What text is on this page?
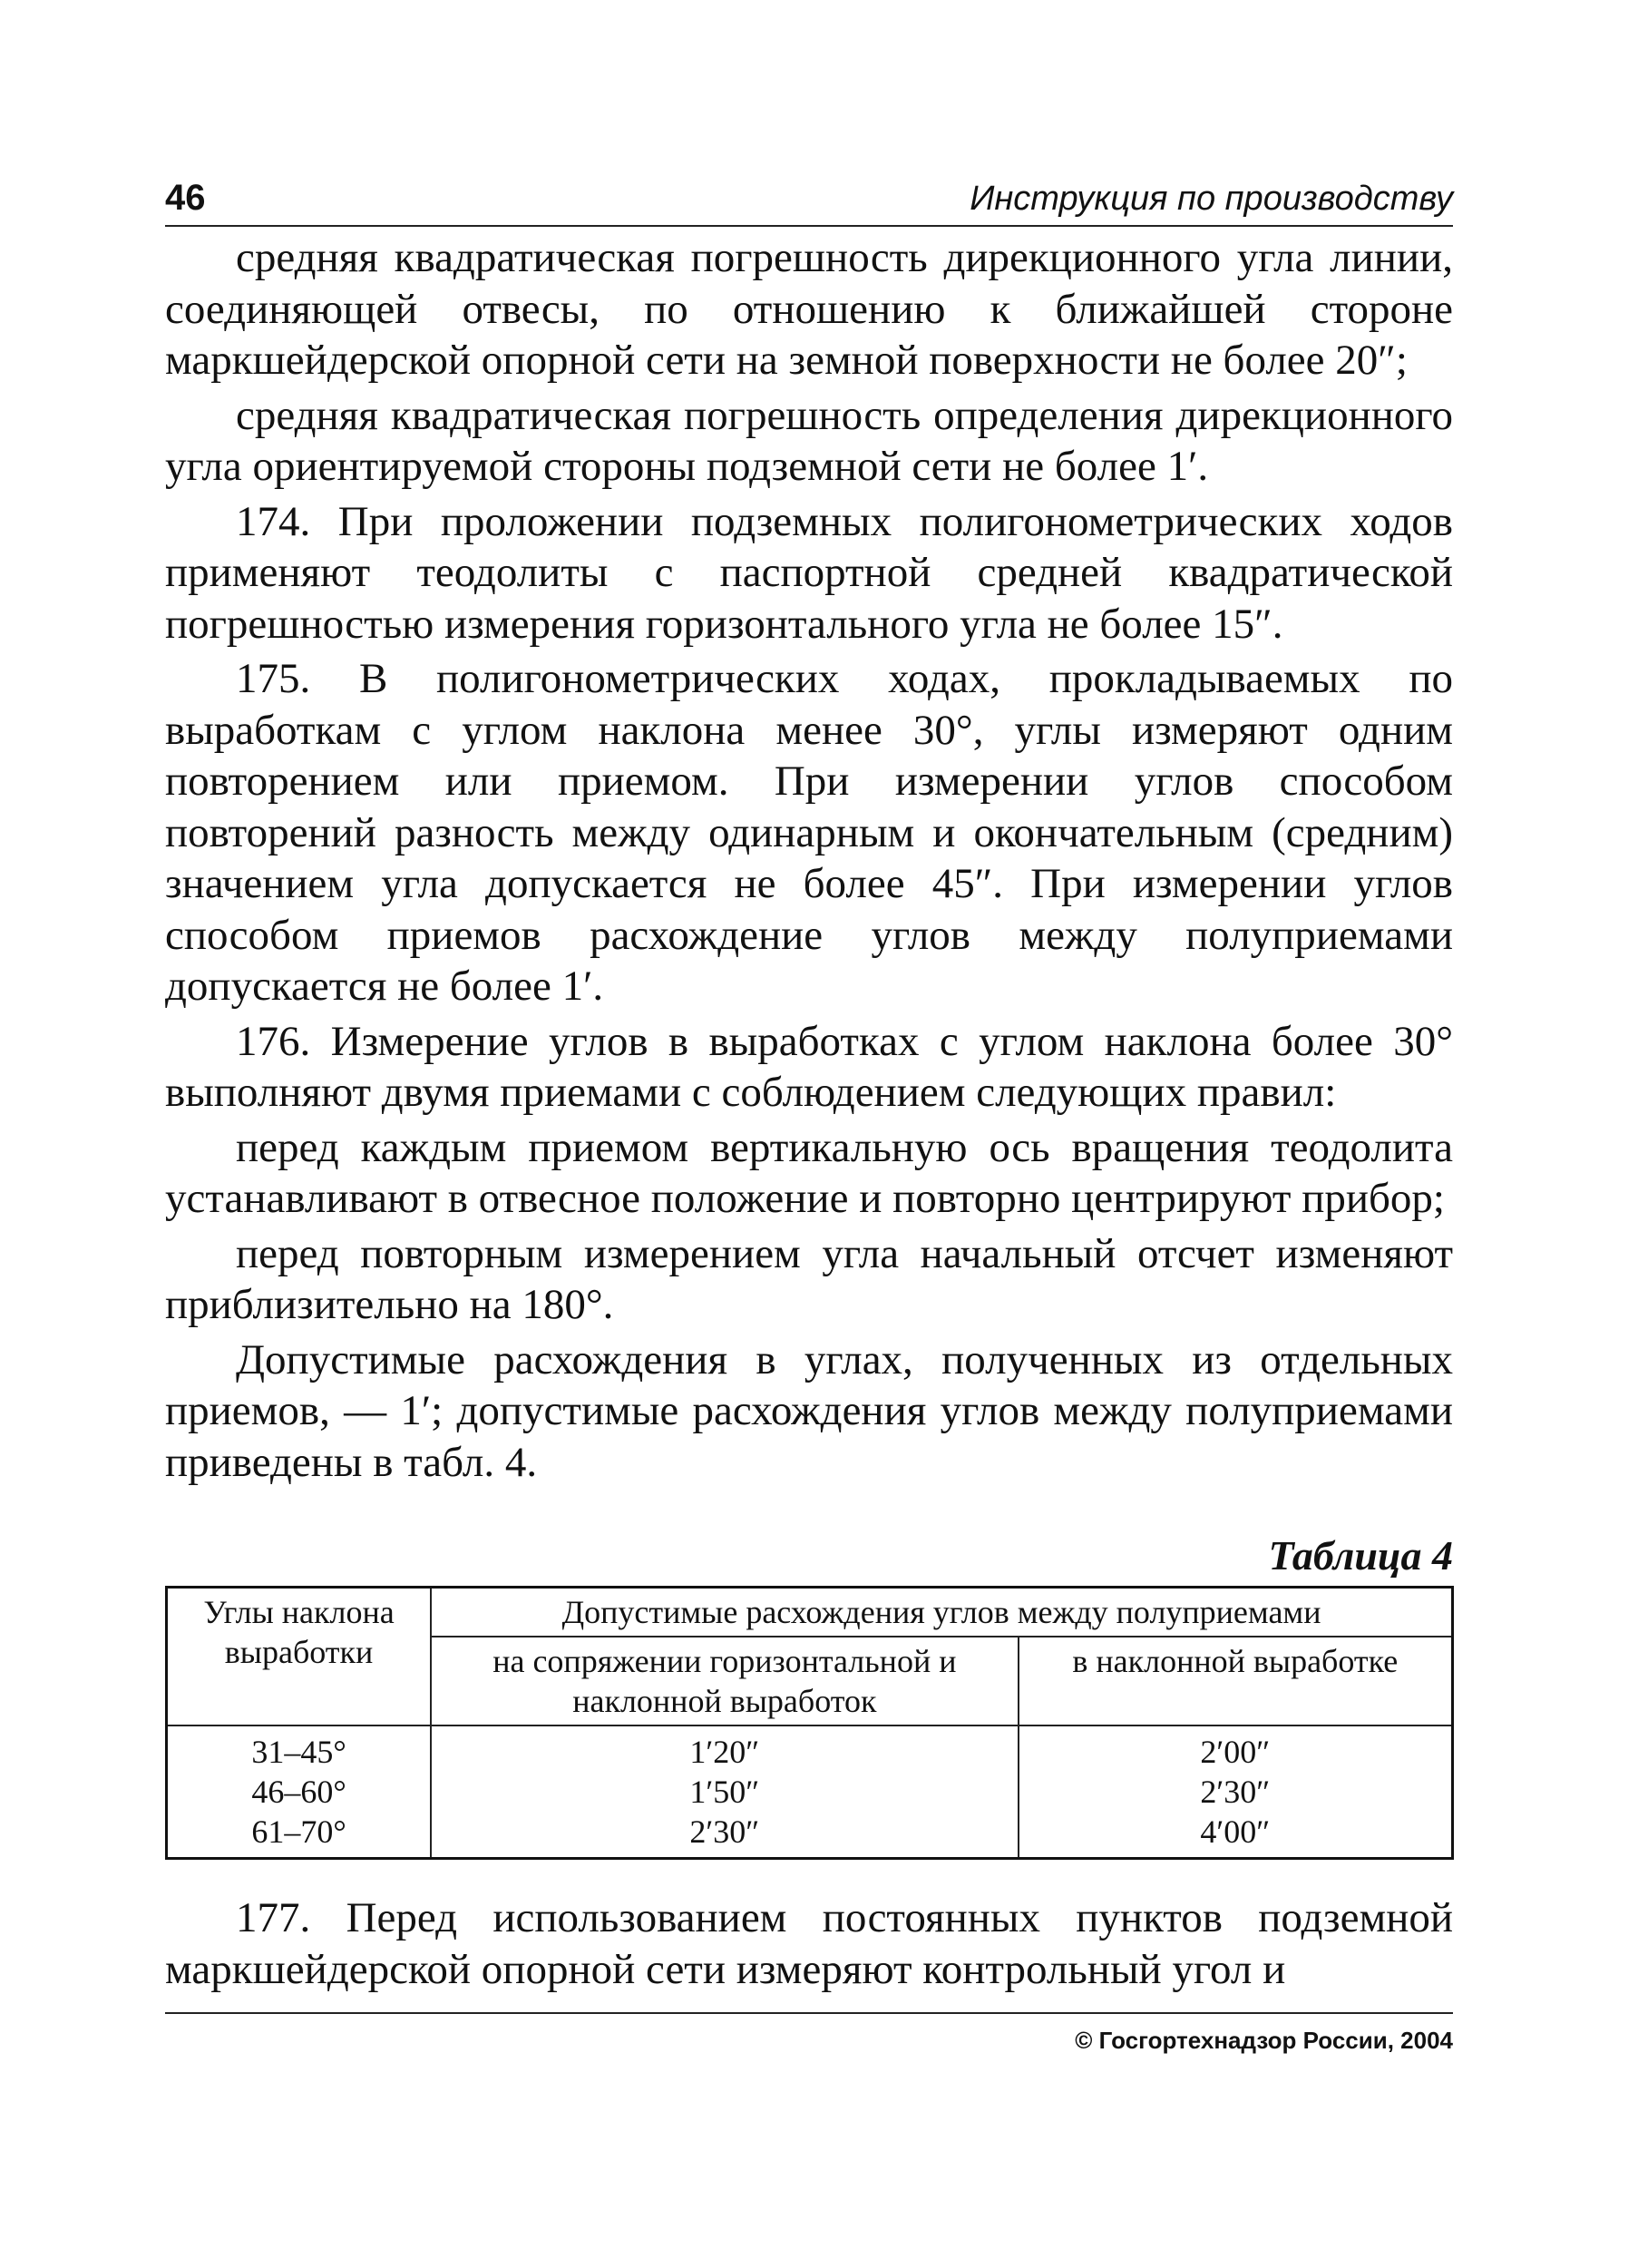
46	Инструкция по производству

средняя квадратическая погрешность дирекционного угла линии, соединяющей отвесы, по отношению к ближайшей стороне маркшейдерской опорной сети на земной поверхности не более 20″;

средняя квадратическая погрешность определения дирекционного угла ориентируемой стороны подземной сети не более 1′.

174. При проложении подземных полигонометрических ходов применяют теодолиты с паспортной средней квадратической погрешностью измерения горизонтального угла не более 15″.

175. В полигонометрических ходах, прокладываемых по выработкам с углом наклона менее 30°, углы измеряют одним повторением или приемом. При измерении углов способом повторений разность между одинарным и окончательным (средним) значением угла допускается не более 45″. При измерении углов способом приемов расхождение углов между полуприемами допускается не более 1′.

176. Измерение углов в выработках с углом наклона более 30° выполняют двумя приемами с соблюдением следующих правил:

перед каждым приемом вертикальную ось вращения теодолита устанавливают в отвесное положение и повторно центрируют прибор;

перед повторным измерением угла начальный отсчет изменяют приблизительно на 180°.

Допустимые расхождения в углах, полученных из отдельных приемов, — 1′; допустимые расхождения углов между полуприемами приведены в табл. 4.

Таблица 4
Углы наклона выработки	Допустимые расхождения углов между полуприемами	
	на сопряжении горизонтальной и наклонной выработок	в наклонной выработке
31–45°	1′20″	2′00″
46–60°	1′50″	2′30″
61–70°	2′30″	4′00″

177. Перед использованием постоянных пунктов подземной маркшейдерской опорной сети измеряют контрольный угол и

© Госгортехнадзор России, 2004
